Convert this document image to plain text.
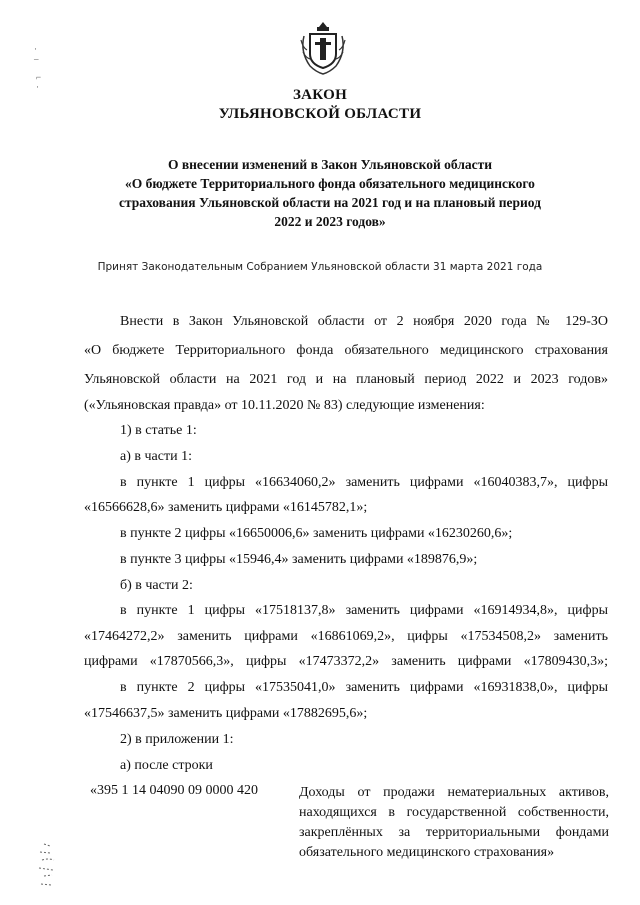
·
‒
⌐
·	ЗАКОН
УЛЬЯНОВСКОЙ ОБЛАСТИ
О внесении изменений в Закон Ульяновской области
«О бюджете Территориального фонда обязательного медицинского
страхования Ульяновской области на 2021 год и на плановый период
2022 и 2023 годов»
Принят Законодательным Собранием Ульяновской области 31 марта 2021 года
Внести в Закон Ульяновской области от 2 ноября 2020 года № 129-ЗО
«О бюджете Территориального фонда обязательного медицинского страхования
Ульяновской области на 2021 год и на плановый период 2022 и 2023 годов»
(«Ульяновская правда» от 10.11.2020 № 83) следующие изменения:
1) в статье 1:
а) в части 1:
в пункте 1 цифры «16634060,2» заменить цифрами «16040383,7», цифры
«16566628,6» заменить цифрами «16145782,1»;
в пункте 2 цифры «16650006,6» заменить цифрами «16230260,6»;
в пункте 3 цифры «15946,4» заменить цифрами «189876,9»;
б) в части 2:
в пункте 1 цифры «17518137,8» заменить цифрами «16914934,8», цифры
«17464272,2» заменить цифрами «16861069,2», цифры «17534508,2» заменить
цифрами «17870566,3», цифры «17473372,2» заменить цифрами «17809430,3»;
в пункте 2 цифры «17535041,0» заменить цифрами «16931838,0», цифры
«17546637,5» заменить цифрами «17882695,6»;
2) в приложении 1:
а) после строки
«395 1 14 04090 09 0000 420	Доходы от продажи нематериальных активов,
находящихся в государственной собственности,
закреплённых за территориальными фондами
обязательного медицинского страхования»
